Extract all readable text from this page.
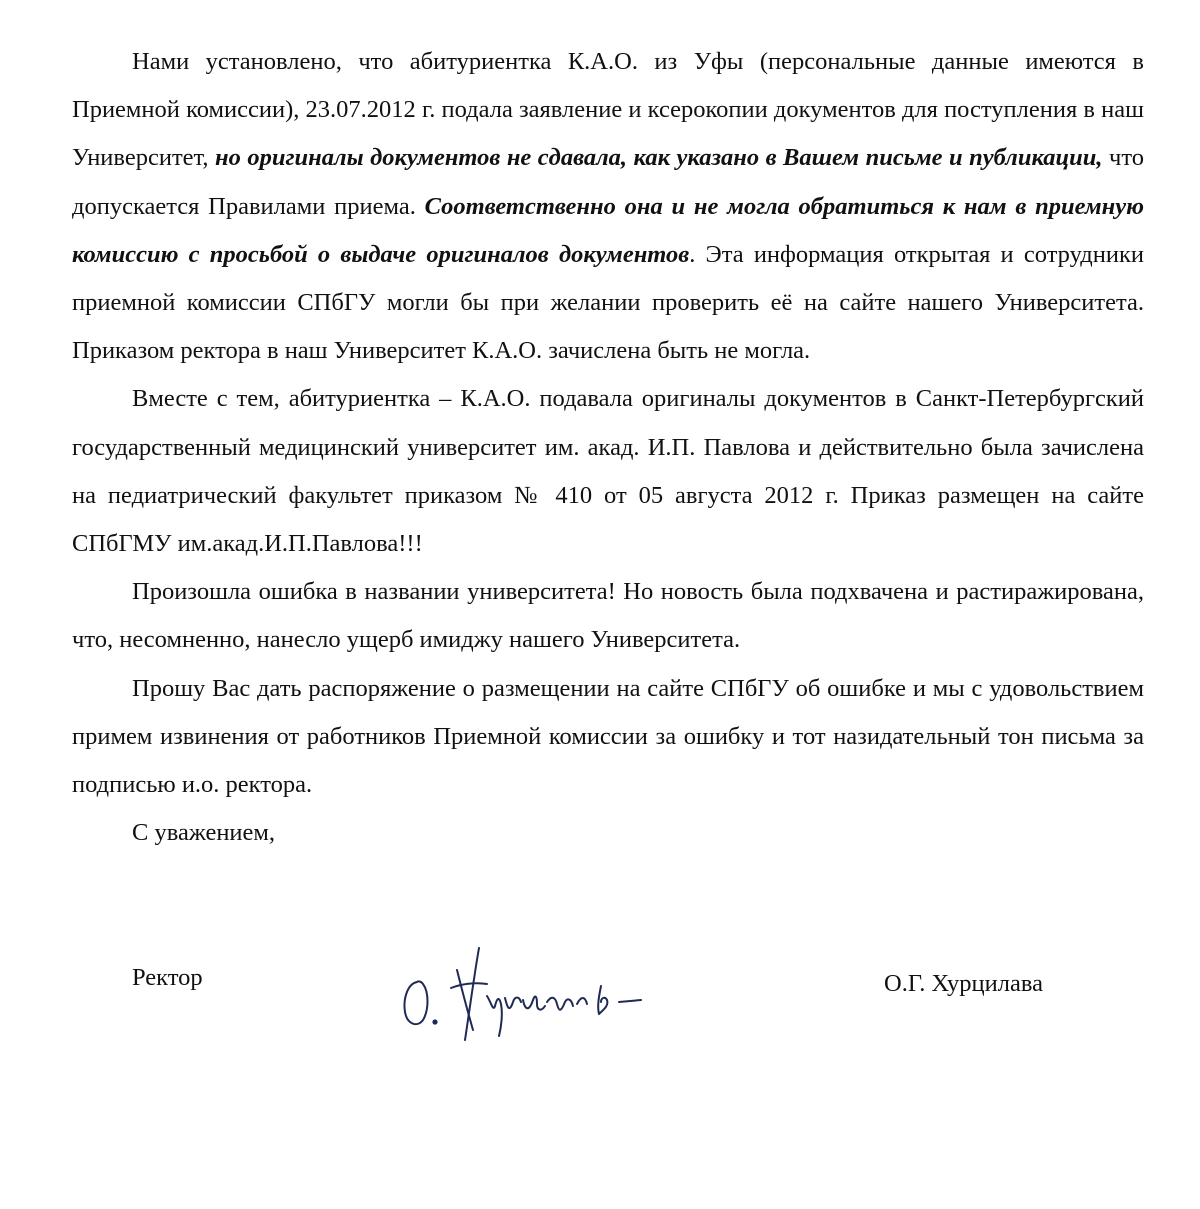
Нами установлено, что абитуриентка К.А.О. из Уфы (персональные данные имеются в Приемной комиссии), 23.07.2012 г. подала заявление и ксерокопии документов для поступления в наш Университет, но оригиналы документов не сдавала, как указано в Вашем письме и публикации, что допускается Правилами приема. Соответственно она и не могла обратиться к нам в приемную комиссию с просьбой о выдаче оригиналов документов. Эта информация открытая и сотрудники приемной комиссии СПбГУ могли бы при желании проверить её на сайте нашего Университета. Приказом ректора в наш Университет К.А.О. зачислена быть не могла.

Вместе с тем, абитуриентка – К.А.О. подавала оригиналы документов в Санкт-Петербургский государственный медицинский университет им. акад. И.П. Павлова и действительно была зачислена на педиатрический факультет приказом № 410 от 05 августа 2012 г. Приказ размещен на сайте СПбГМУ им.акад.И.П.Павлова!!!

Произошла ошибка в названии университета! Но новость была подхвачена и растиражирована, что, несомненно, нанесло ущерб имиджу нашего Университета.

Прошу Вас дать распоряжение о размещении на сайте СПбГУ об ошибке и мы с удовольствием примем извинения от работников Приемной комиссии за ошибку и тот назидательный тон письма за подписью и.о. ректора.

С уважением,

Ректор	О.Г. Хурцилава
